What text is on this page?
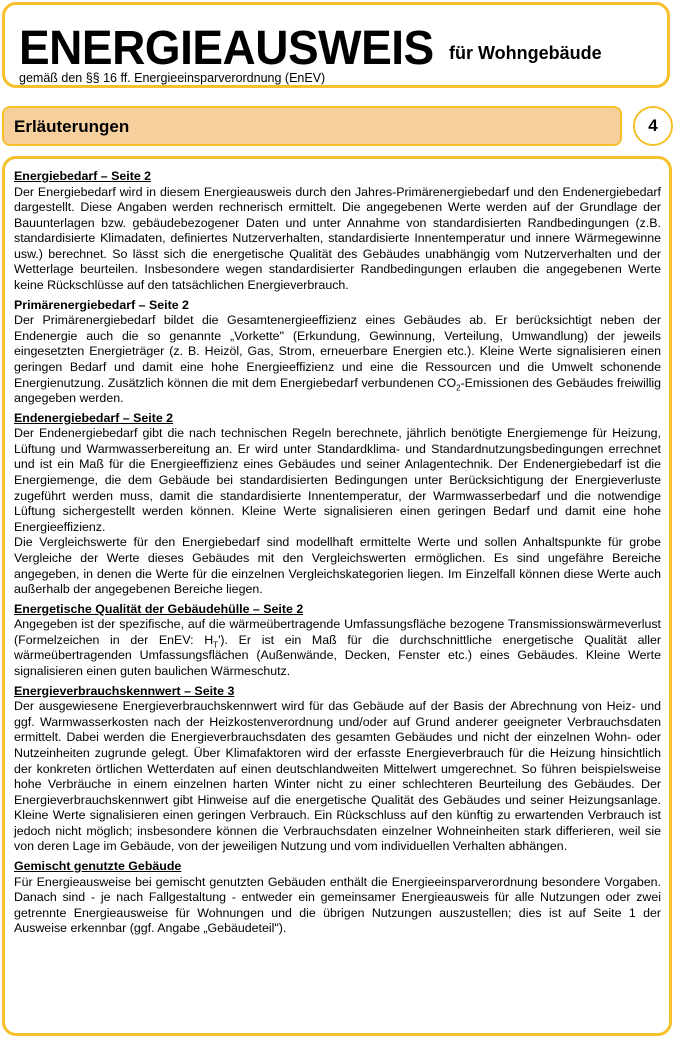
ENERGIEAUSWEIS für Wohngebäude
gemäß den §§ 16 ff. Energieeinsparverordnung (EnEV)
Erläuterungen	4
Energiebedarf – Seite 2

Der Energiebedarf wird in diesem Energieausweis durch den Jahres-Primärenergiebedarf und den Endenergiebedarf dargestellt. Diese Angaben werden rechnerisch ermittelt. Die angegebenen Werte werden auf der Grundlage der Bauunterlagen bzw. gebäudebezogener Daten und unter Annahme von standardisierten Randbedingungen (z.B. standardisierte Klimadaten, definiertes Nutzerverhalten, standardisierte Innentemperatur und innere Wärmegewinne usw.) berechnet. So lässt sich die energetische Qualität des Gebäudes unabhängig vom Nutzerverhalten und der Wetterlage beurteilen. Insbesondere wegen standardisierter Randbedingungen erlauben die angegebenen Werte keine Rückschlüsse auf den tatsächlichen Energieverbrauch.

Primärenergiebedarf – Seite 2

Der Primärenergiebedarf bildet die Gesamtenergieeffizienz eines Gebäudes ab. Er berücksichtigt neben der Endenergie auch die so genannte „Vorkette" (Erkundung, Gewinnung, Verteilung, Umwandlung) der jeweils eingesetzten Energieträger (z. B. Heizöl, Gas, Strom, erneuerbare Energien etc.). Kleine Werte signalisieren einen geringen Bedarf und damit eine hohe Energieeffizienz und eine die Ressourcen und die Umwelt schonende Energienutzung. Zusätzlich können die mit dem Energiebedarf verbundenen $CO_2$-Emissionen des Gebäudes freiwillig angegeben werden.

Endenergiebedarf – Seite 2

Der Endenergiebedarf gibt die nach technischen Regeln berechnete, jährlich benötigte Energiemenge für Heizung, Lüftung und Warmwasserbereitung an. Er wird unter Standardklima- und Standardnutzungsbedingungen errechnet und ist ein Maß für die Energieeffizienz eines Gebäudes und seiner Anlagentechnik. Der Endenergiebedarf ist die Energiemenge, die dem Gebäude bei standardisierten Bedingungen unter Berücksichtigung der Energieverluste zugeführt werden muss, damit die standardisierte Innentemperatur, der Warmwasserbedarf und die notwendige Lüftung sichergestellt werden können. Kleine Werte signalisieren einen geringen Bedarf und damit eine hohe Energieeffizienz.

Die Vergleichswerte für den Energiebedarf sind modellhaft ermittelte Werte und sollen Anhaltspunkte für grobe Vergleiche der Werte dieses Gebäudes mit den Vergleichswerten ermöglichen. Es sind ungefähre Bereiche angegeben, in denen die Werte für die einzelnen Vergleichskategorien liegen. Im Einzelfall können diese Werte auch außerhalb der angegebenen Bereiche liegen.

Energetische Qualität der Gebäudehülle – Seite 2

Angegeben ist der spezifische, auf die wärmeübertragende Umfassungsfläche bezogene Transmissionswärmeverlust (Formelzeichen in der EnEV: $H_T'$). Er ist ein Maß für die durchschnittliche energetische Qualität aller wärmeübertragenden Umfassungsflächen (Außenwände, Decken, Fenster etc.) eines Gebäudes. Kleine Werte signalisieren einen guten baulichen Wärmeschutz.

Energieverbrauchskennwert – Seite 3

Der ausgewiesene Energieverbrauchskennwert wird für das Gebäude auf der Basis der Abrechnung von Heiz- und ggf. Warmwasserkosten nach der Heizkostenverordnung und/oder auf Grund anderer geeigneter Verbrauchsdaten ermittelt. Dabei werden die Energieverbrauchsdaten des gesamten Gebäudes und nicht der einzelnen Wohn- oder Nutzeinheiten zugrunde gelegt. Über Klimafaktoren wird der erfasste Energieverbrauch für die Heizung hinsichtlich der konkreten örtlichen Wetterdaten auf einen deutschlandweiten Mittelwert umgerechnet. So führen beispielsweise hohe Verbräuche in einem einzelnen harten Winter nicht zu einer schlechteren Beurteilung des Gebäudes. Der Energieverbrauchskennwert gibt Hinweise auf die energetische Qualität des Gebäudes und seiner Heizungsanlage. Kleine Werte signalisieren einen geringen Verbrauch. Ein Rückschluss auf den künftig zu erwartenden Verbrauch ist jedoch nicht möglich; insbesondere können die Verbrauchsdaten einzelner Wohneinheiten stark differieren, weil sie von deren Lage im Gebäude, von der jeweiligen Nutzung und vom individuellen Verhalten abhängen.

Gemischt genutzte Gebäude

Für Energieausweise bei gemischt genutzten Gebäuden enthält die Energieeinsparverordnung besondere Vorgaben. Danach sind - je nach Fallgestaltung - entweder ein gemeinsamer Energieausweis für alle Nutzungen oder zwei getrennte Energieausweise für Wohnungen und die übrigen Nutzungen auszustellen; dies ist auf Seite 1 der Ausweise erkennbar (ggf. Angabe „Gebäudeteil").
